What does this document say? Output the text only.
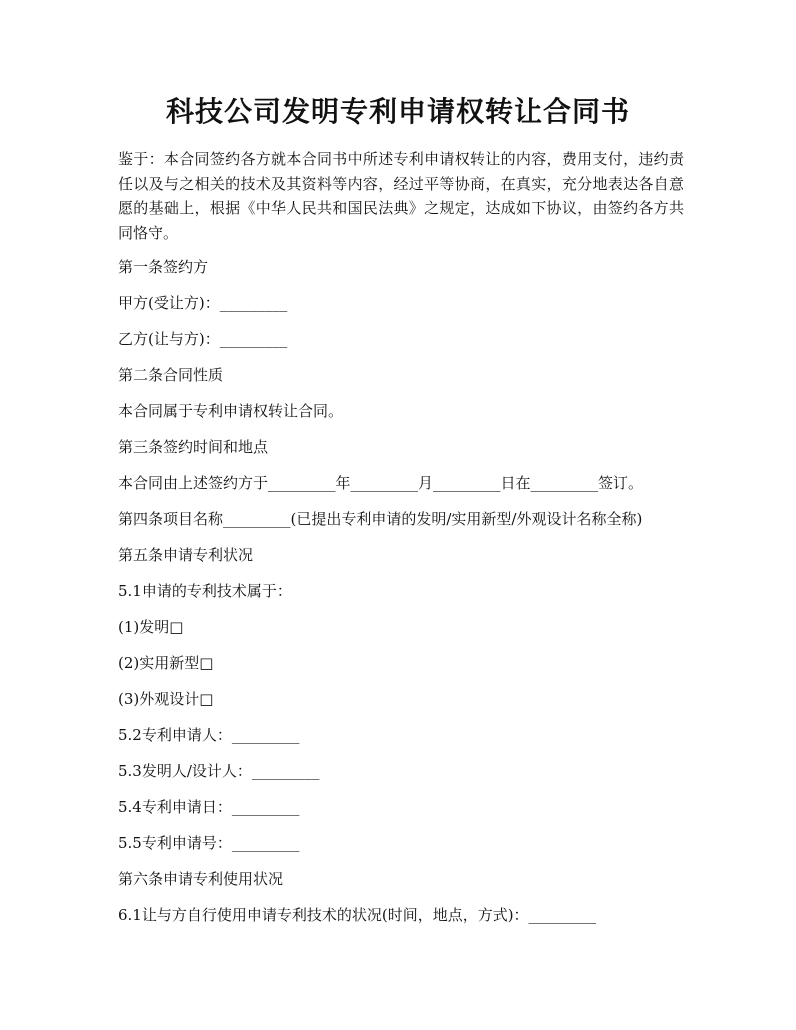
科技公司发明专利申请权转让合同书
鉴于：本合同签约各方就本合同书中所述专利申请权转让的内容，费用支付，违约责任以及与之相关的技术及其资料等内容，经过平等协商，在真实，充分地表达各自意愿的基础上，根据《中华人民共和国民法典》之规定，达成如下协议，由签约各方共同恪守。
第一条签约方
甲方(受让方)：_________
乙方(让与方)：_________
第二条合同性质
本合同属于专利申请权转让合同。
第三条签约时间和地点
本合同由上述签约方于_________年_________月_________日在_________签订。
第四条项目名称_________(已提出专利申请的发明/实用新型/外观设计名称全称)
第五条申请专利状况
5.1申请的专利技术属于：
(1)发明□
(2)实用新型□
(3)外观设计□
5.2专利申请人：_________
5.3发明人/设计人：_________
5.4专利申请日：_________
5.5专利申请号：_________
第六条申请专利使用状况
6.1让与方自行使用申请专利技术的状况(时间，地点，方式)：_________
